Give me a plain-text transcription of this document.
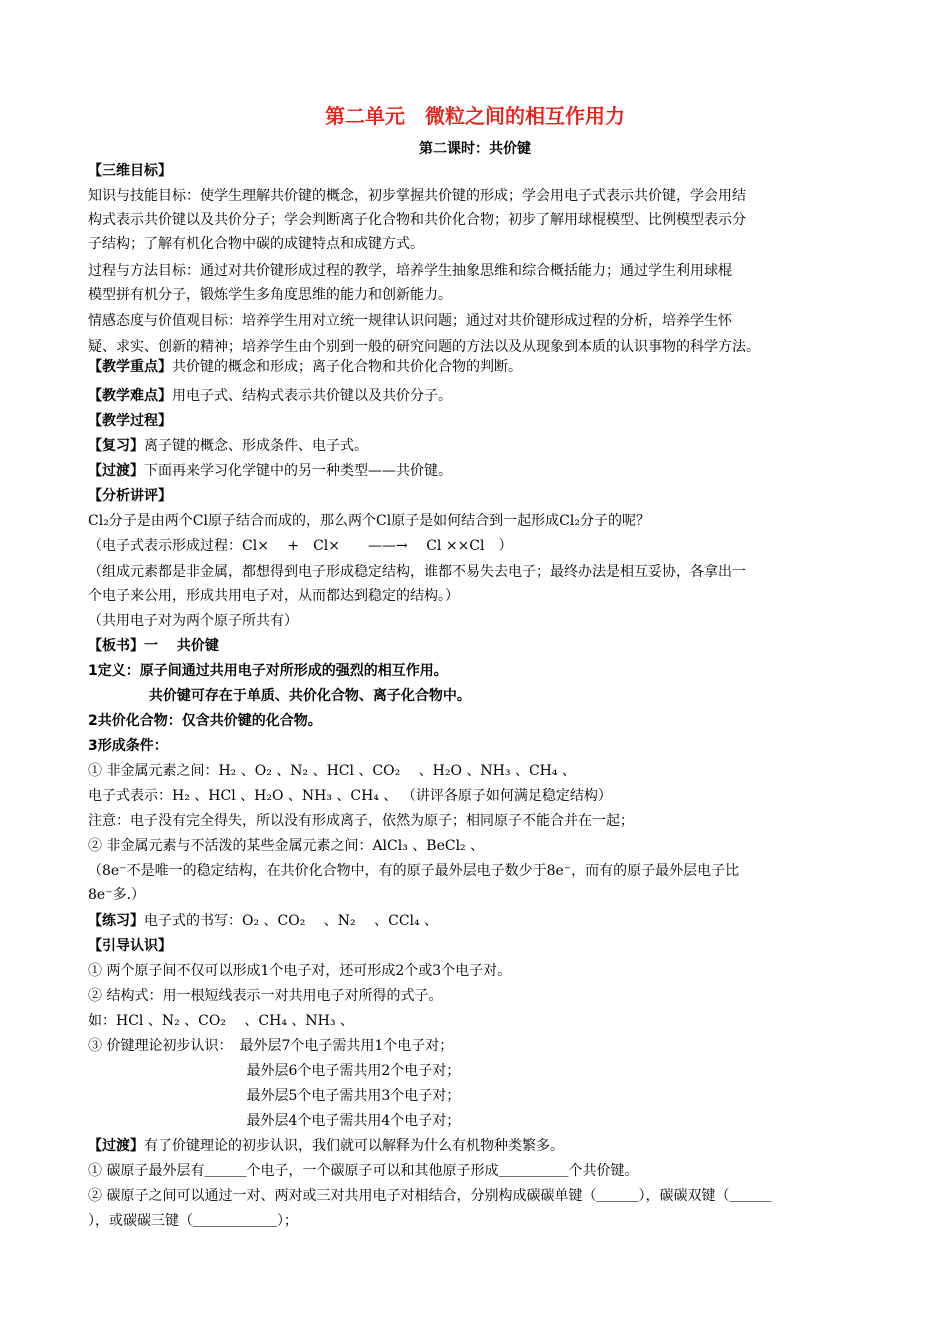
第二单元　微粒之间的相互作用力
第二课时：共价键
【三维目标】
知识与技能目标：使学生理解共价键的概念，初步掌握共价键的形成；学会用电子式表示共价键，学会用结
构式表示共价键以及共价分子；学会判断离子化合物和共价化合物；初步了解用球棍模型、比例模型表示分
子结构；了解有机化合物中碳的成键特点和成键方式。
过程与方法目标：通过对共价键形成过程的教学，培养学生抽象思维和综合概括能力；通过学生利用球棍
模型拼有机分子，锻炼学生多角度思维的能力和创新能力。
情感态度与价值观目标：培养学生用对立统一规律认识问题；通过对共价键形成过程的分析，培养学生怀
疑、求实、创新的精神；培养学生由个别到一般的研究问题的方法以及从现象到本质的认识事物的科学方法。
【教学重点】共价键的概念和形成；离子化合物和共价化合物的判断。
【教学难点】用电子式、结构式表示共价键以及共价分子。
【教学过程】
【复习】离子键的概念、形成条件、电子式。
【过渡】下面再来学习化学键中的另一种类型——共价键。
【分析讲评】
Cl₂分子是由两个Cl原子结合而成的，那么两个Cl原子是如何结合到一起形成Cl₂分子的呢？
（电子式表示形成过程：Cl×　 +　Cl×　　——→　 Cl ××Cl　）
（组成元素都是非金属，都想得到电子形成稳定结构，谁都不易失去电子；最终办法是相互妥协，各拿出一
个电子来公用，形成共用电子对，从而都达到稳定的结构。）
（共用电子对为两个原子所共有）
【板书】一　 共价键
1定义：原子间通过共用电子对所形成的强烈的相互作用。
　　　　 共价键可存在于单质、共价化合物、离子化合物中。
2共价化合物：仅含共价键的化合物。
3形成条件：
① 非金属元素之间：H₂ 、O₂ 、N₂ 、HCl 、CO₂ 　、H₂O 、NH₃ 、CH₄ 、
电子式表示：H₂ 、HCl 、H₂O 、NH₃ 、CH₄ 、 （讲评各原子如何满足稳定结构）
注意：电子没有完全得失，所以没有形成离子，依然为原子；相同原子不能合并在一起；
② 非金属元素与不活泼的某些金属元素之间：AlCl₃ 、BeCl₂ 、
（8e⁻不是唯一的稳定结构，在共价化合物中，有的原子最外层电子数少于8e⁻，而有的原子最外层电子比
8e⁻多.）
【练习】电子式的书写：O₂ 、CO₂ 　、N₂ 　、CCl₄ 、
【引导认识】
① 两个原子间不仅可以形成1个电子对，还可形成2个或3个电子对。
② 结构式：用一根短线表示一对共用电子对所得的式子。
如：HCl 、N₂ 、CO₂ 　、CH₄ 、NH₃ 、
③ 价键理论初步认识：　最外层7个电子需共用1个电子对；
　　　　　　　　　　　 最外层6个电子需共用2个电子对；
　　　　　　　　　　　 最外层5个电子需共用3个电子对；
　　　　　　　　　　　 最外层4个电子需共用4个电子对；
【过渡】有了价键理论的初步认识，我们就可以解释为什么有机物种类繁多。
① 碳原子最外层有＿＿＿个电子，一个碳原子可以和其他原子形成＿＿＿＿＿个共价键。
② 碳原子之间可以通过一对、两对或三对共用电子对相结合，分别构成碳碳单键（＿＿＿），碳碳双键（＿＿＿
），或碳碳三键（＿＿＿＿＿＿）；
